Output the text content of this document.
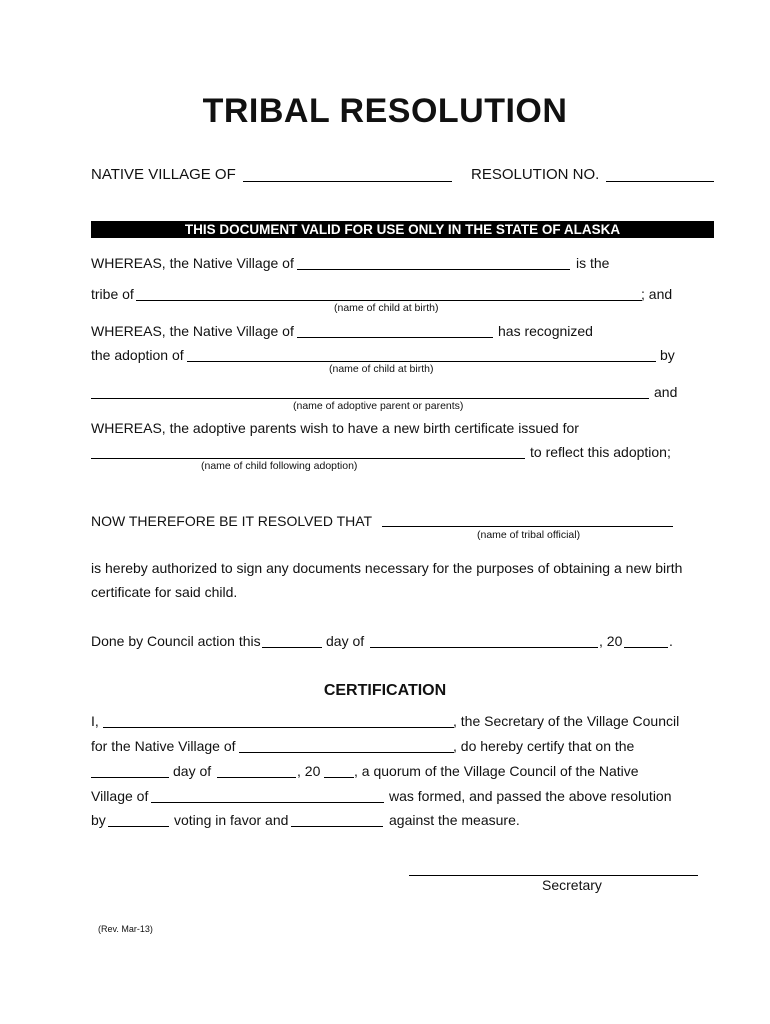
TRIBAL RESOLUTION
NATIVE VILLAGE OF	RESOLUTION NO.
THIS DOCUMENT VALID FOR USE ONLY IN THE STATE OF ALASKA
WHEREAS, the Native Village of	is the
tribe of	; and
(name of child at birth)
WHEREAS, the Native Village of	has recognized
the adoption of	by
(name of child at birth)
and
(name of adoptive parent or parents)
WHEREAS, the adoptive parents wish to have a new birth certificate issued for
to reflect this adoption;
(name of child following adoption)
NOW THEREFORE BE IT RESOLVED THAT
(name of tribal official)
is hereby authorized to sign any documents necessary for the purposes of obtaining a new birth
certificate for said child.
Done by Council action this	day of	, 20	.
CERTIFICATION
I,	, the Secretary of the Village Council
for the Native Village of	, do hereby certify that on the
day of	, 20 , a quorum of the Village Council of the Native
Village of	was formed, and passed the above resolution
by	voting in favor and	against the measure.
Secretary
(Rev. Mar-13)
